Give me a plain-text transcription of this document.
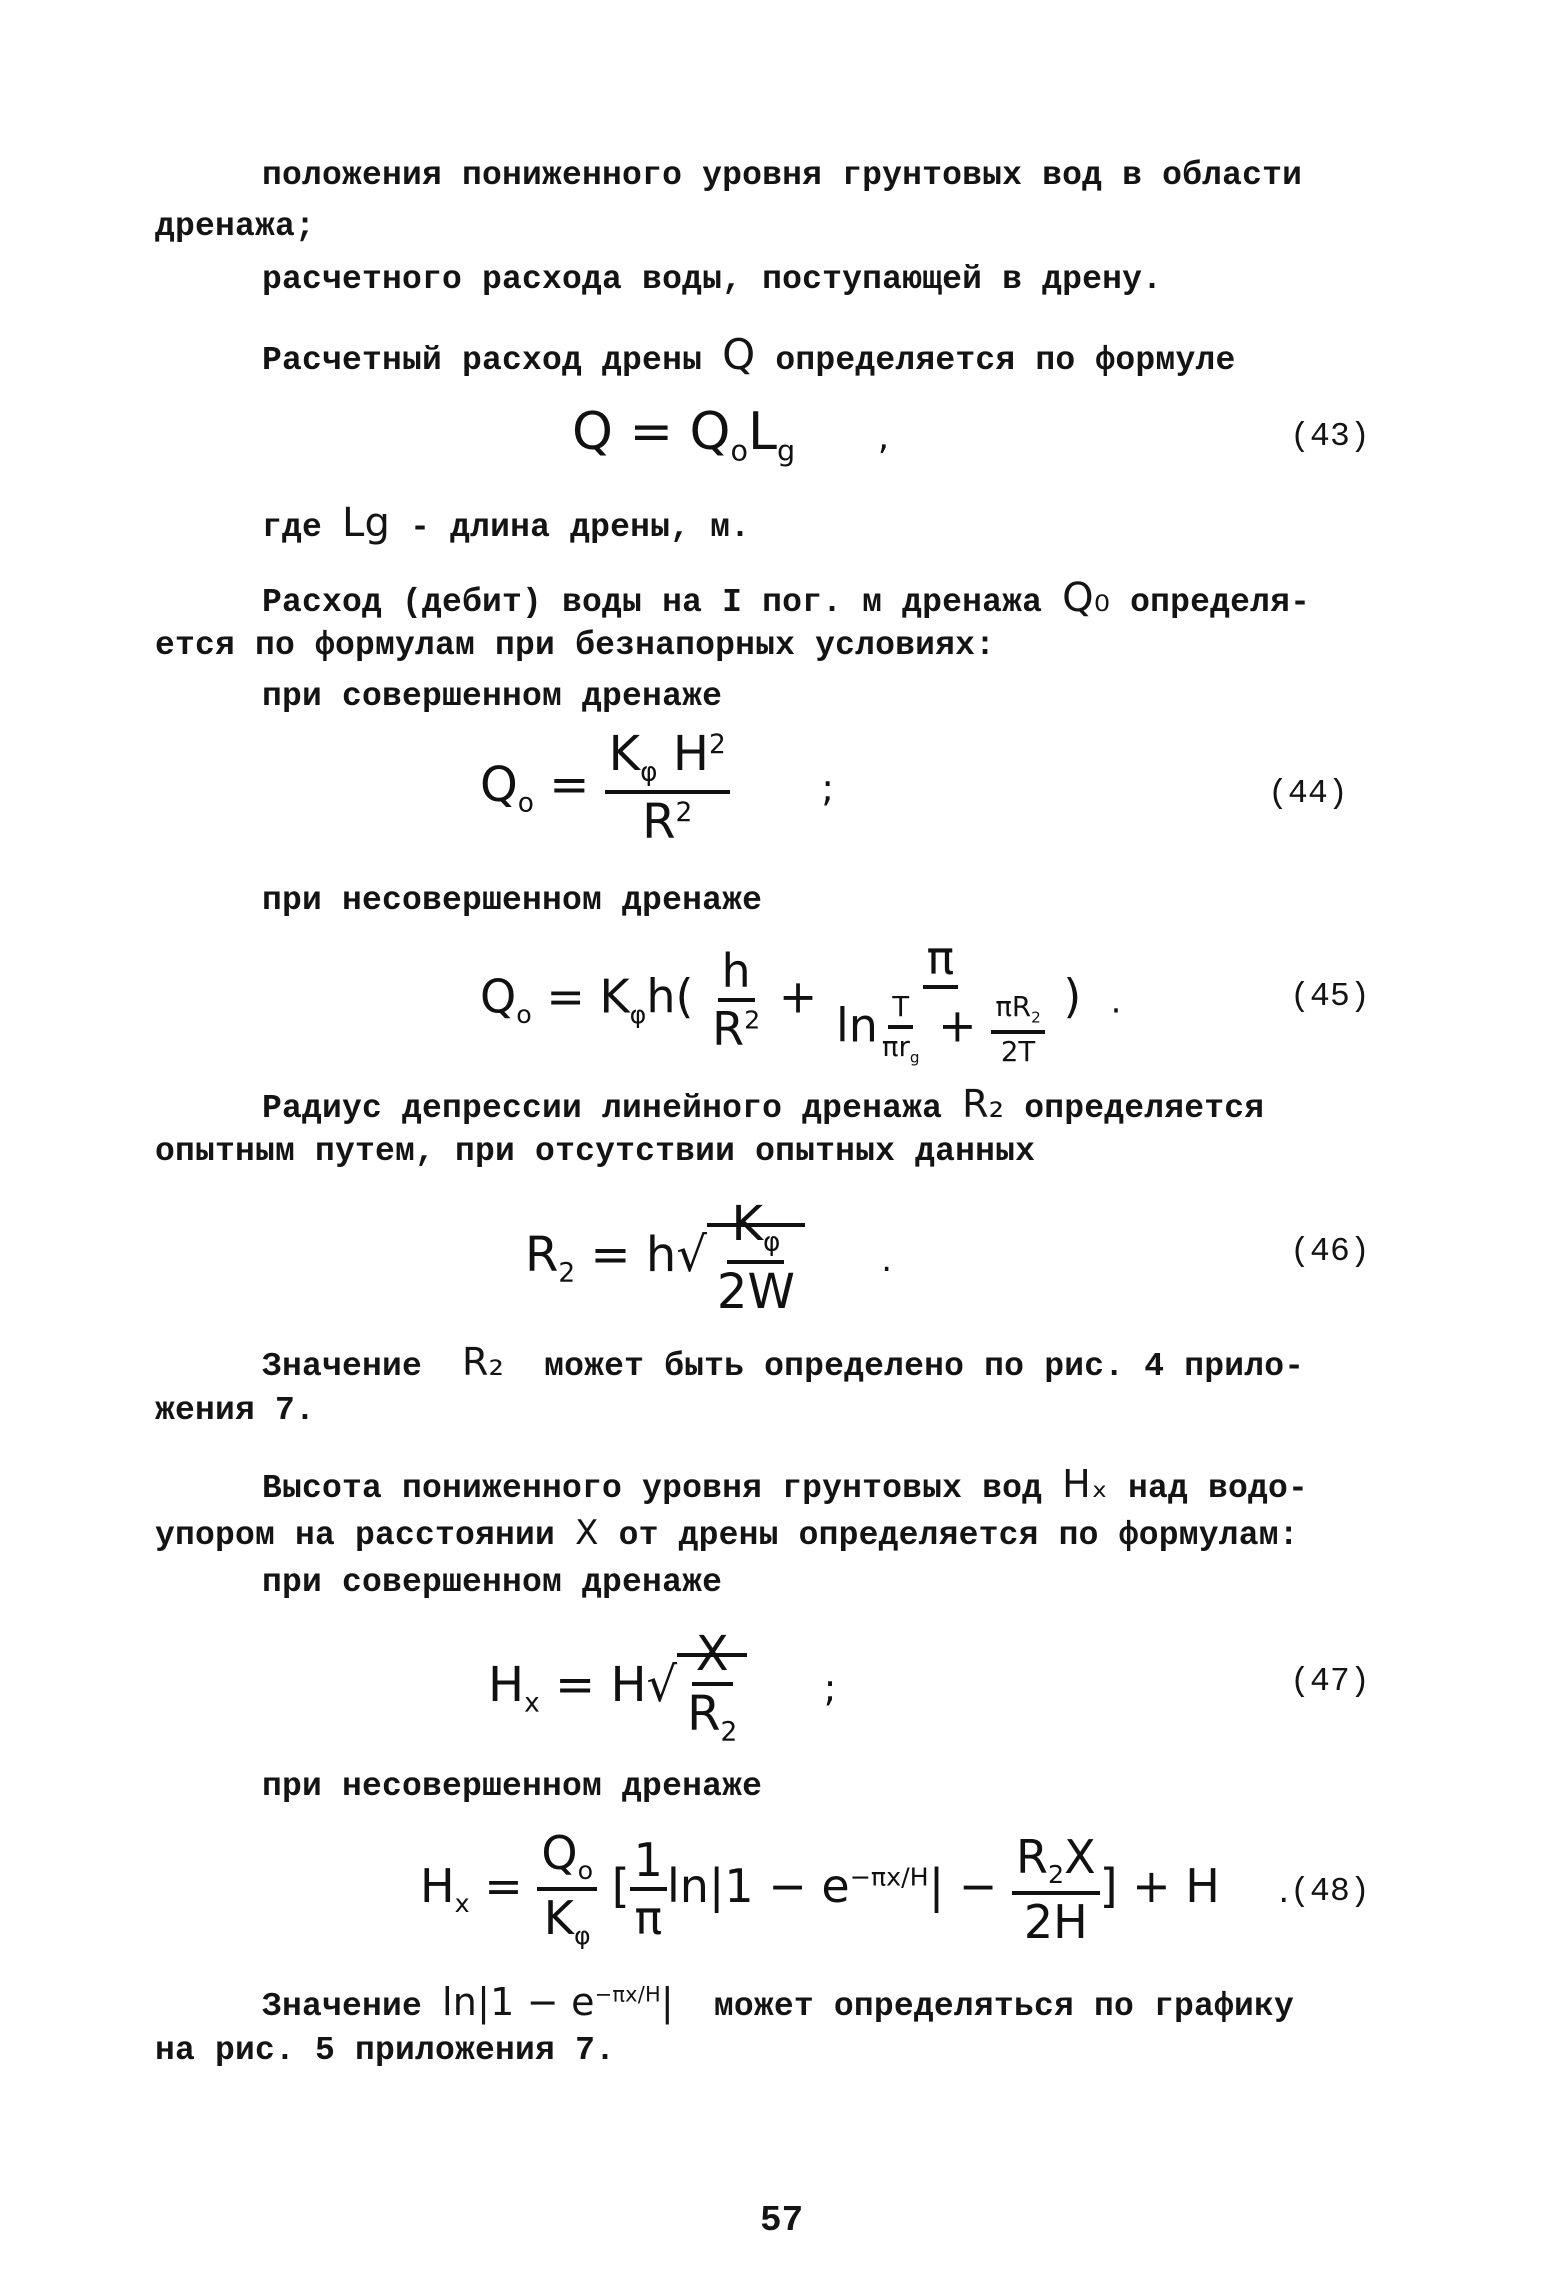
положения пониженного уровня грунтовых вод в области
дренажа;
расчетного расхода воды, поступающей в дрену.
Расчетный расход дрены Q определяется по формуле
$Q = Q_oL_g$ ,	(43)
где Lg - длина дрены, м.
Расход (дебит) воды на I пог. м дренажа Q₀ определя-
ется по формулам при безнапорных условиях:
при совершенном дренаже
$Q_o = \frac{K_\varphi H^2}{R^2}$ ;	(44)
при несовершенном дренаже
$Q_o = K_\varphi h( \frac{h}{R^2} + \frac{\pi}{\ln \frac{T}{\pi r_g} + \frac{\pi R_2}{2T}}$ )  .	(45)
Радиус депрессии линейного дренажа R₂ определяется
опытным путем, при отсутствии опытных данных
$R_2 = h√ \frac{K_\varphi}{2W}$ .	(46)
Значение R₂ может быть определено по рис. 4 прило-
жения 7.
Высота пониженного уровня грунтовых вод Hₓ над водо-
упором на расстоянии X от дрены определяется по формулам:
при совершенном дренаже
$H_x = H√ \frac{X}{R_2}$ ;	(47)
при несовершенном дренаже
$H_x = \frac{Q_o}{K_\varphi}$ [ $\frac{1}{\pi} \ln|1 - e^{-\pi x/H}| - \frac{R_2X}{2H}$ ] + H    . (48)
Значение $\ln|1 - e^{-\pi x/H}|$ может определяться по графику
на рис. 5 приложения 7.
57
